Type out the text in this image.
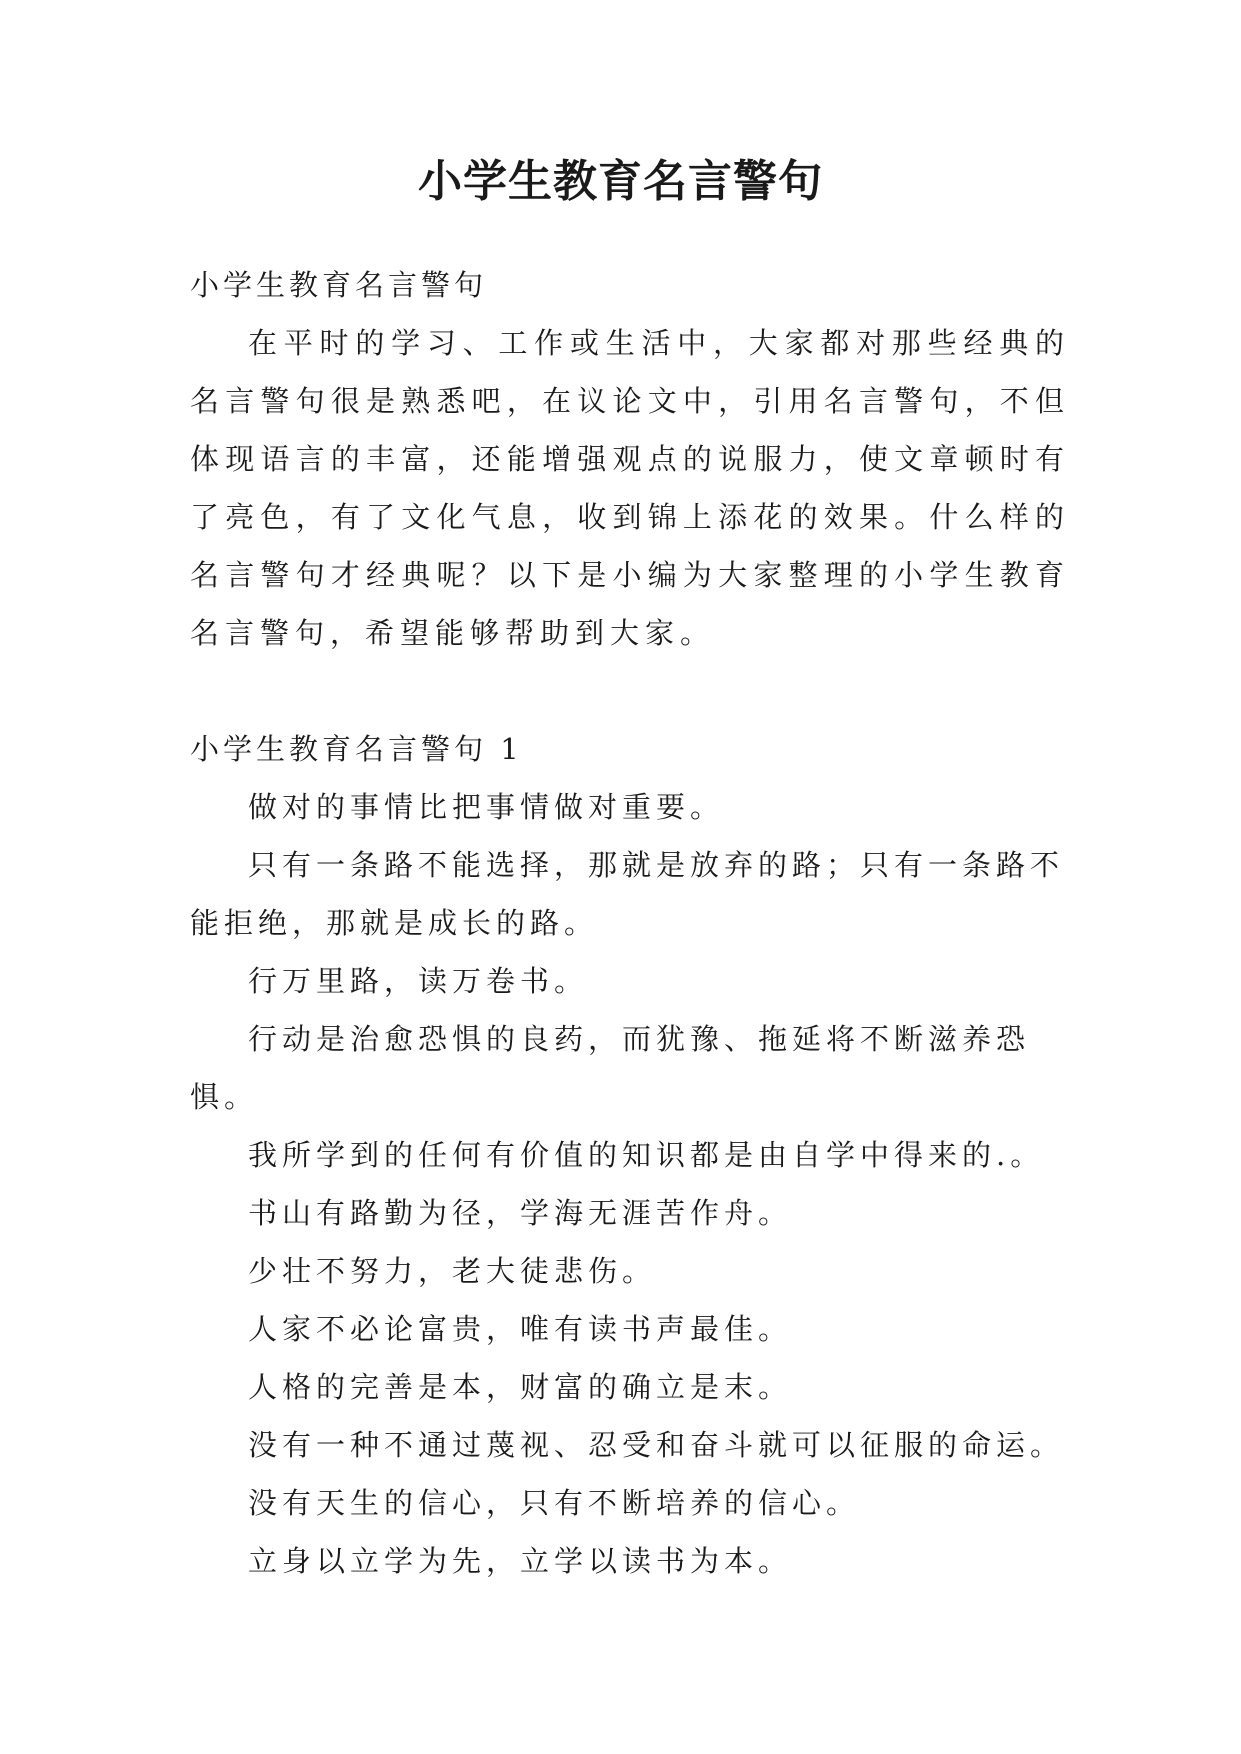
小学生教育名言警句

小学生教育名言警句

在平时的学习、工作或生活中，大家都对那些经典的名言警句很是熟悉吧，在议论文中，引用名言警句，不但体现语言的丰富，还能增强观点的说服力，使文章顿时有了亮色，有了文化气息，收到锦上添花的效果。什么样的名言警句才经典呢？以下是小编为大家整理的小学生教育名言警句，希望能够帮助到大家。

小学生教育名言警句 1

做对的事情比把事情做对重要。

只有一条路不能选择，那就是放弃的路；只有一条路不能拒绝，那就是成长的路。

行万里路，读万卷书。

行动是治愈恐惧的良药，而犹豫、拖延将不断滋养恐惧。

我所学到的任何有价值的知识都是由自学中得来的.。

书山有路勤为径，学海无涯苦作舟。

少壮不努力，老大徒悲伤。

人家不必论富贵，唯有读书声最佳。

人格的完善是本，财富的确立是末。

没有一种不通过蔑视、忍受和奋斗就可以征服的命运。

没有天生的信心，只有不断培养的信心。

立身以立学为先，立学以读书为本。
